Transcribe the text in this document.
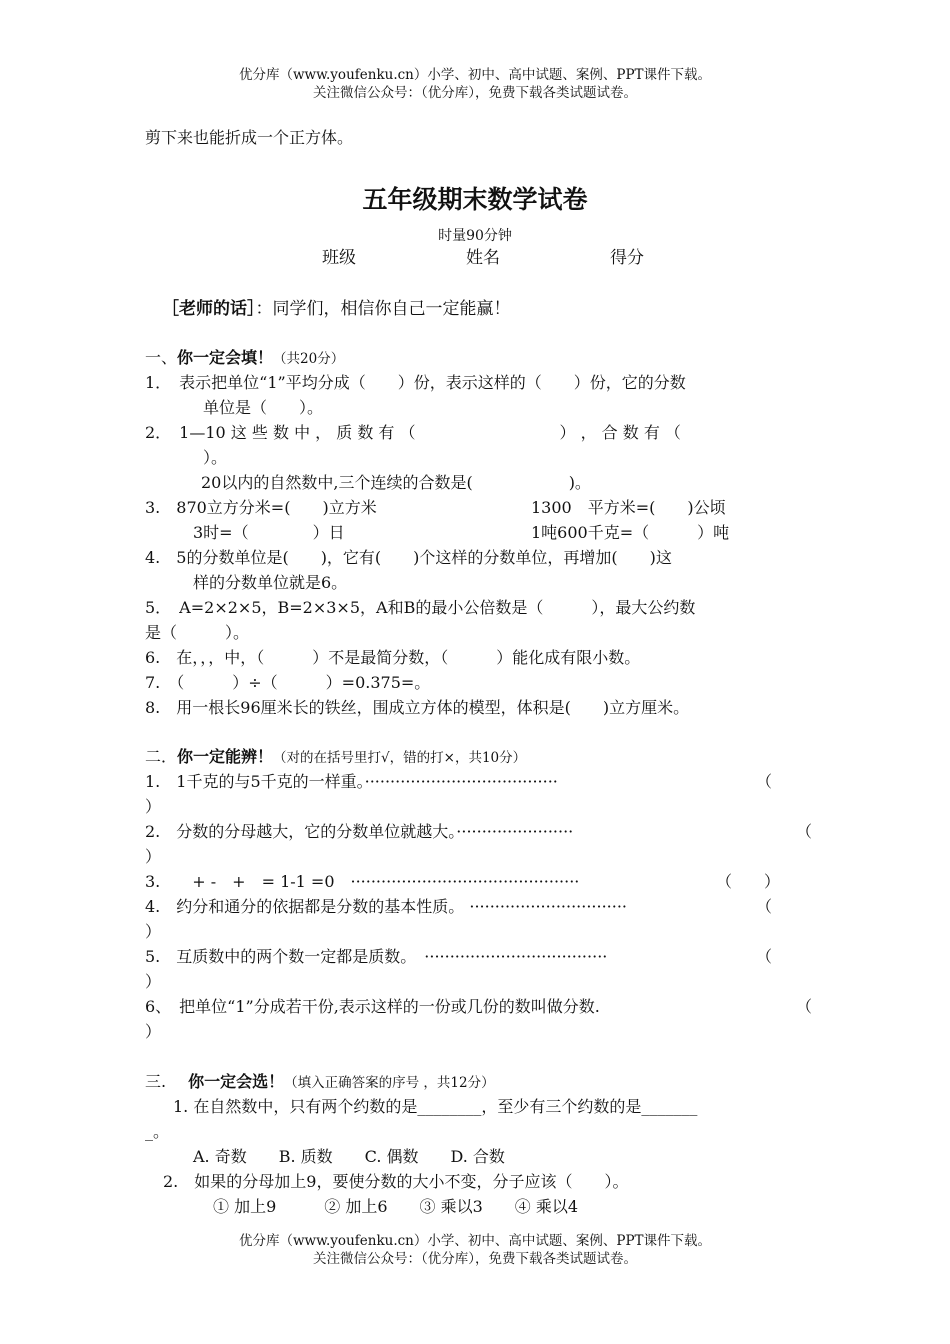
优分库（www.youfenku.cn）小学、初中、高中试题、案例、PPT课件下载。
关注微信公众号：（优分库），免费下载各类试题试卷。
剪下来也能折成一个正方体。
五年级期末数学试卷
时量90分钟
班级	姓名	得分
［老师的话］：同学们，相信你自己一定能赢！
一、你一定会填！（共20分）
1．　表示把单位“1”平均分成（　　）份，表示这样的（　　）份，它的分数
单位是（　　）。
2．　1—10 这 些 数 中 ， 质 数 有 （　　　　　　　　　） ， 合 数 有 （
）。
20以内的自然数中,三个连续的合数是(　　　　　　)。
3.　870立方分米=(　　)立方米	1300　平方米=(　　)公顷
3时=（　　　　）日	1吨600千克=（　　　）吨
4.　5的分数单位是(　　)，它有(　　)个这样的分数单位，再增加(　　)这
样的分数单位就是6。
5．　A=2×2×5，B=2×3×5，A和B的最小公倍数是（　　　），最大公约数
是（　　　）。
6.　在，，，中，（　　　）不是最简分数，（　　　）能化成有限小数。
7.　（　　　）÷（　　　）=0.375=。
8.　用一根长96厘米长的铁丝，围成立方体的模型，体积是(　　)立方厘米。
二．你一定能辨！（对的在括号里打√，错的打×，共10分）
1.　1千克的与5千克的一样重。······································	（
）
2.　分数的分母越大，它的分数单位就越大。·······················	（
）
3.　　+ -　+　= 1-1 =0　·············································	（　　）
4.　约分和通分的依据都是分数的基本性质。 ·······························	（
）
5.　互质数中的两个数一定都是质数。　····································	（
）
6、　把单位“1”分成若干份,表示这样的一份或几份的数叫做分数.	（
）
三. 你一定会选！（填入正确答案的序号 ，共12分）
1. 在自然数中，只有两个约数的是________，至少有三个约数的是_______
_。
A. 奇数　　B. 质数　　C. 偶数　　D. 合数
2.　如果的分母加上9，要使分数的大小不变，分子应该（　　）。
① 加上9　　　② 加上6　　③ 乘以3　　④ 乘以4
优分库（www.youfenku.cn）小学、初中、高中试题、案例、PPT课件下载。
关注微信公众号：（优分库），免费下载各类试题试卷。
